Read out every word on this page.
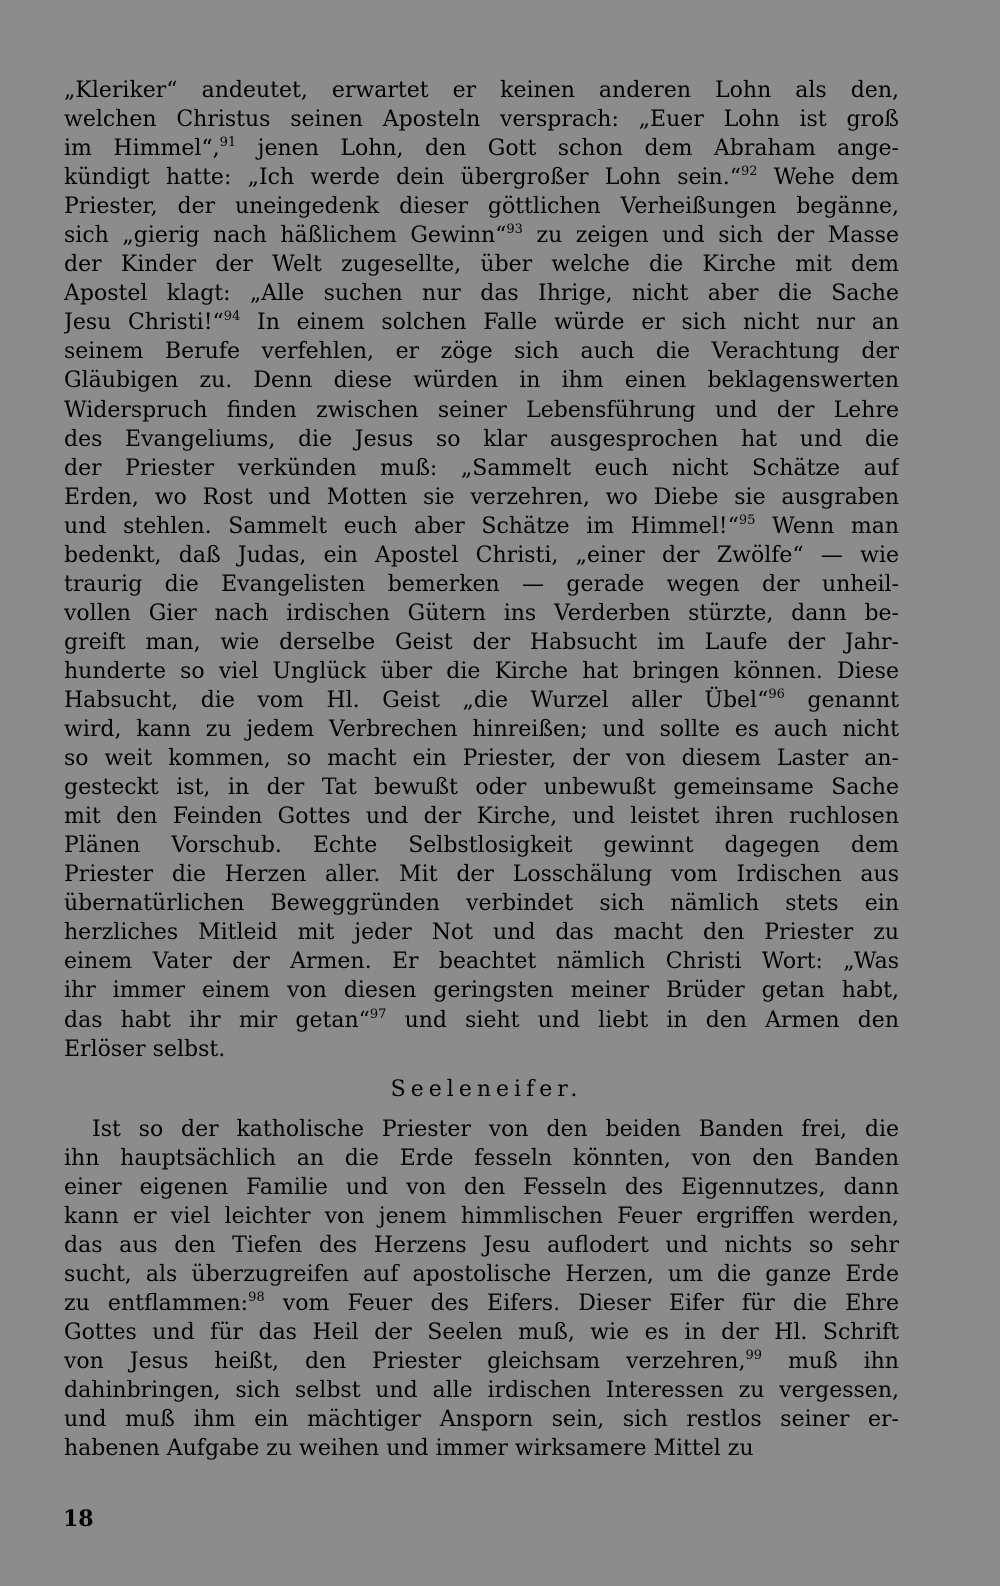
„Kleriker“ andeutet, erwartet er keinen anderen Lohn als den,
welchen Christus seinen Aposteln versprach: „Euer Lohn ist groß
im Himmel“,$^{91}$ jenen Lohn, den Gott schon dem Abraham ange-
kündigt hatte: „Ich werde dein übergroßer Lohn sein.“$^{92}$ Wehe dem
Priester, der uneingedenk dieser göttlichen Verheißungen begänne,
sich „gierig nach häßlichem Gewinn“$^{93}$ zu zeigen und sich der Masse
der Kinder der Welt zugesellte, über welche die Kirche mit dem
Apostel klagt: „Alle suchen nur das Ihrige, nicht aber die Sache
Jesu Christi!“$^{94}$ In einem solchen Falle würde er sich nicht nur an
seinem Berufe verfehlen, er zöge sich auch die Verachtung der
Gläubigen zu. Denn diese würden in ihm einen beklagenswerten
Widerspruch finden zwischen seiner Lebensführung und der Lehre
des Evangeliums, die Jesus so klar ausgesprochen hat und die
der Priester verkünden muß: „Sammelt euch nicht Schätze auf
Erden, wo Rost und Motten sie verzehren, wo Diebe sie ausgraben
und stehlen. Sammelt euch aber Schätze im Himmel!“$^{95}$ Wenn man
bedenkt, daß Judas, ein Apostel Christi, „einer der Zwölfe“ — wie
traurig die Evangelisten bemerken — gerade wegen der unheil-
vollen Gier nach irdischen Gütern ins Verderben stürzte, dann be-
greift man, wie derselbe Geist der Habsucht im Laufe der Jahr-
hunderte so viel Unglück über die Kirche hat bringen können. Diese
Habsucht, die vom Hl. Geist „die Wurzel aller Übel“$^{96}$ genannt
wird, kann zu jedem Verbrechen hinreißen; und sollte es auch nicht
so weit kommen, so macht ein Priester, der von diesem Laster an-
gesteckt ist, in der Tat bewußt oder unbewußt gemeinsame Sache
mit den Feinden Gottes und der Kirche, und leistet ihren ruchlosen
Plänen Vorschub. Echte Selbstlosigkeit gewinnt dagegen dem
Priester die Herzen aller. Mit der Losschälung vom Irdischen aus
übernatürlichen Beweggründen verbindet sich nämlich stets ein
herzliches Mitleid mit jeder Not und das macht den Priester zu
einem Vater der Armen. Er beachtet nämlich Christi Wort: „Was
ihr immer einem von diesen geringsten meiner Brüder getan habt,
das habt ihr mir getan“$^{97}$ und sieht und liebt in den Armen den
Erlöser selbst.
Seeleneifer.
Ist so der katholische Priester von den beiden Banden frei, die
ihn hauptsächlich an die Erde fesseln könnten, von den Banden
einer eigenen Familie und von den Fesseln des Eigennutzes, dann
kann er viel leichter von jenem himmlischen Feuer ergriffen werden,
das aus den Tiefen des Herzens Jesu auflodert und nichts so sehr
sucht, als überzugreifen auf apostolische Herzen, um die ganze Erde
zu entflammen:$^{98}$ vom Feuer des Eifers. Dieser Eifer für die Ehre
Gottes und für das Heil der Seelen muß, wie es in der Hl. Schrift
von Jesus heißt, den Priester gleichsam verzehren,$^{99}$ muß ihn
dahinbringen, sich selbst und alle irdischen Interessen zu vergessen,
und muß ihm ein mächtiger Ansporn sein, sich restlos seiner er-
habenen Aufgabe zu weihen und immer wirksamere Mittel zu
18
